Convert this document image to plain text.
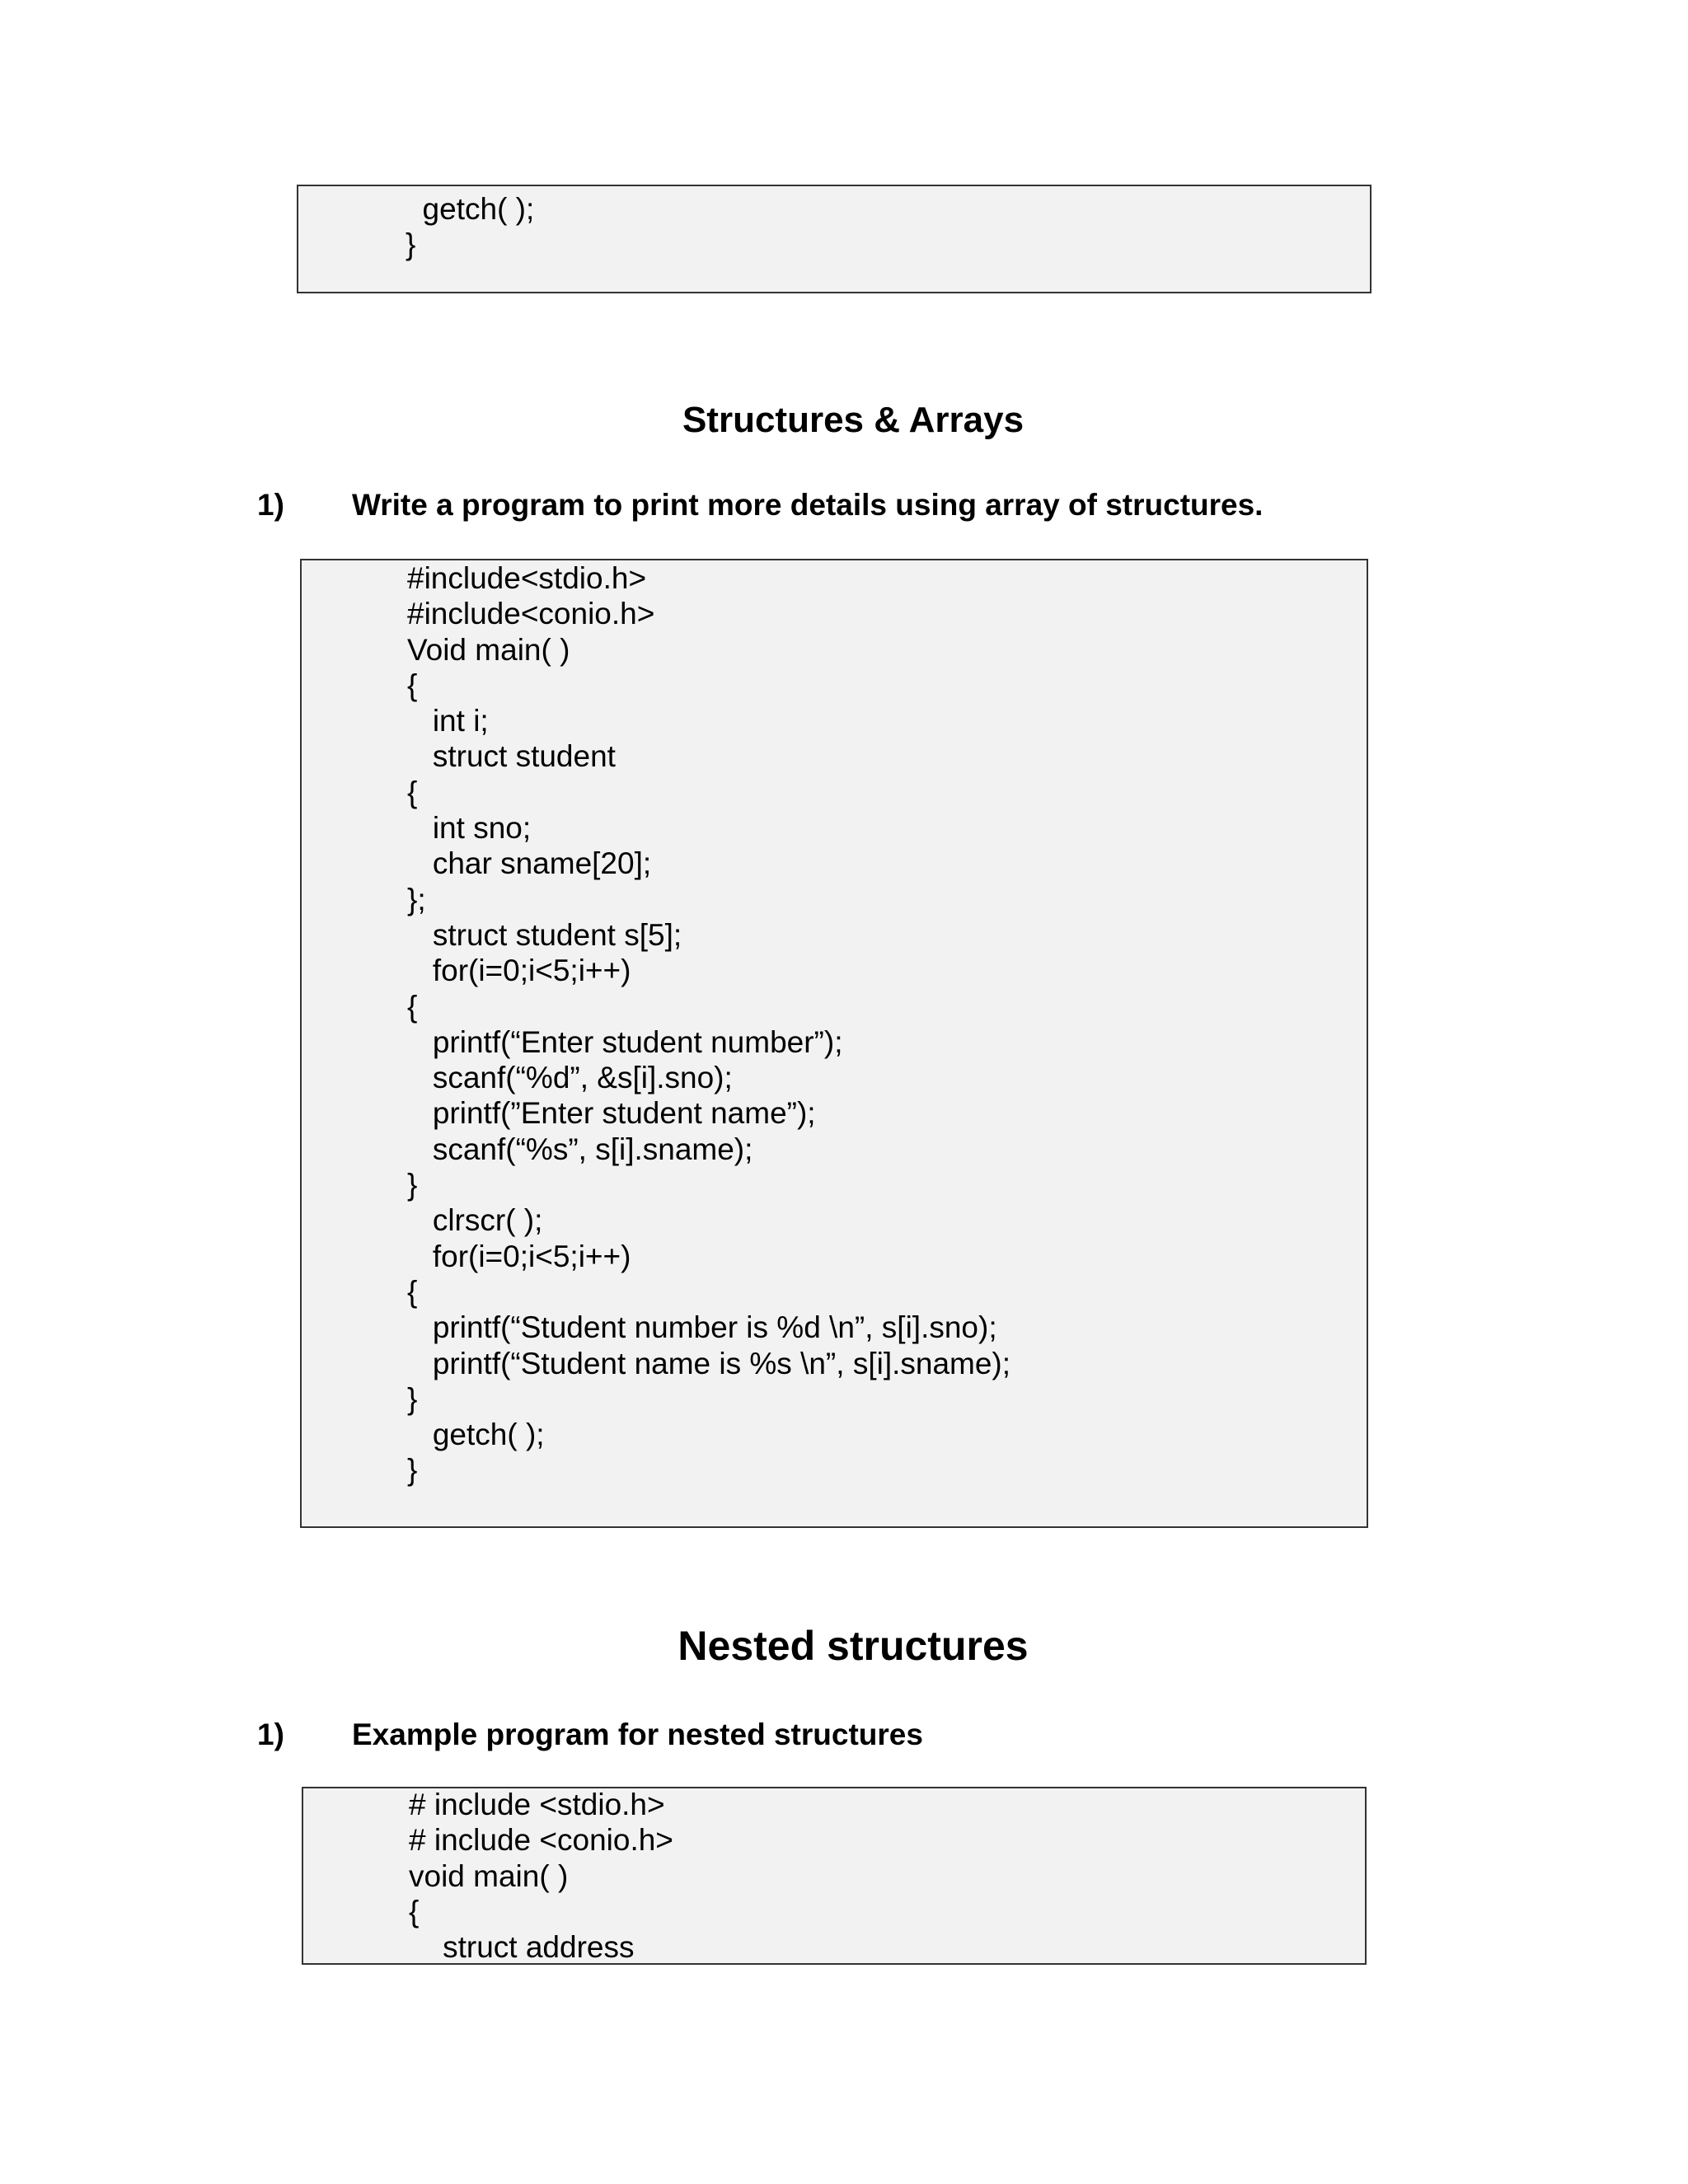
getch( );
}
Structures & Arrays
1) Write a program to print more details using array of structures.
#include<stdio.h>
#include<conio.h>
Void main( )
{
int i;
struct student
{
int sno;
char sname[20];
};
struct student s[5];
for(i=0;i<5;i++)
{
printf(“Enter student number”);
scanf(“%d”, &s[i].sno);
printf(”Enter student name”);
scanf(“%s”, s[i].sname);
}
clrscr( );
for(i=0;i<5;i++)
{
printf(“Student number is %d \n”, s[i].sno);
printf(“Student name is %s \n”, s[i].sname);
}
getch( );
}
Nested structures
1) Example program for nested structures
# include <stdio.h>
# include <conio.h>
void main( )
{
struct address
